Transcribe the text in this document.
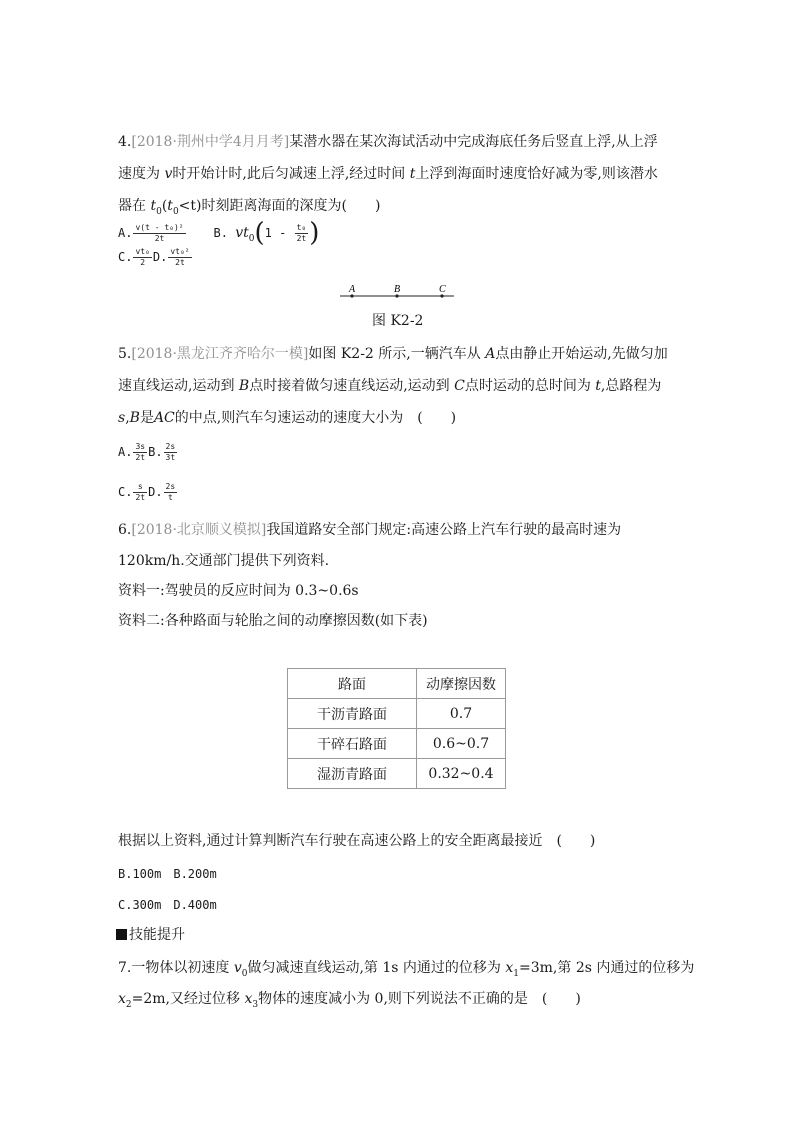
4.[2018·荆州中学4月月考]某潜水器在某次海试活动中完成海底任务后竖直上浮,从上浮
速度为 v时开始计时,此后匀减速上浮,经过时间 t上浮到海面时速度恰好减为零,则该潜水
器在 $t_0(t_0<t)$时刻距离海面的深度为(　　)
A. $\frac{\text{v(t - t₀)²}}{2t} B$. $vt_0(1 - \frac{\text{t₀}}{2t}$ )
C. $\frac{\text{vt₀}}{2} D$. $\frac{\text{vt₀²}}{2t}$
A	B	C
图 K2-2
5.[2018·黑龙江齐齐哈尔一模]如图 K2-2 所示,一辆汽车从 A点由静止开始运动,先做匀加
速直线运动,运动到 B点时接着做匀速直线运动,运动到 C点时运动的总时间为 t,总路程为
s,B是AC的中点,则汽车匀速运动的速度大小为　(　　)
A. $\frac{3s}{2t} B$. $\frac{2s}{3t}$
C. $\frac{s}{2t} D$. $\frac{2s}{t}$
6.[2018·北京顺义模拟]我国道路安全部门规定:高速公路上汽车行驶的最高时速为
120km/h.交通部门提供下列资料.
资料一:驾驶员的反应时间为 0.3~0.6s
资料二:各种路面与轮胎之间的动摩擦因数(如下表)
路面	动摩擦因数
干沥青路面	0.7
干碎石路面	0.6~0.7
湿沥青路面	0.32~0.4
根据以上资料,通过计算判断汽车行驶在高速公路上的安全距离最接近　(　　)
B.100m　B.200m
C.300m　D.400m
技能提升
7.一物体以初速度 $v_0$做匀减速直线运动,第 1s 内通过的位移为 $x_1=3m$,第 2s 内通过的位移为
$x_2=2m$,又经过位移 $x_3$物体的速度减小为 0,则下列说法不正确的是　(　　)
